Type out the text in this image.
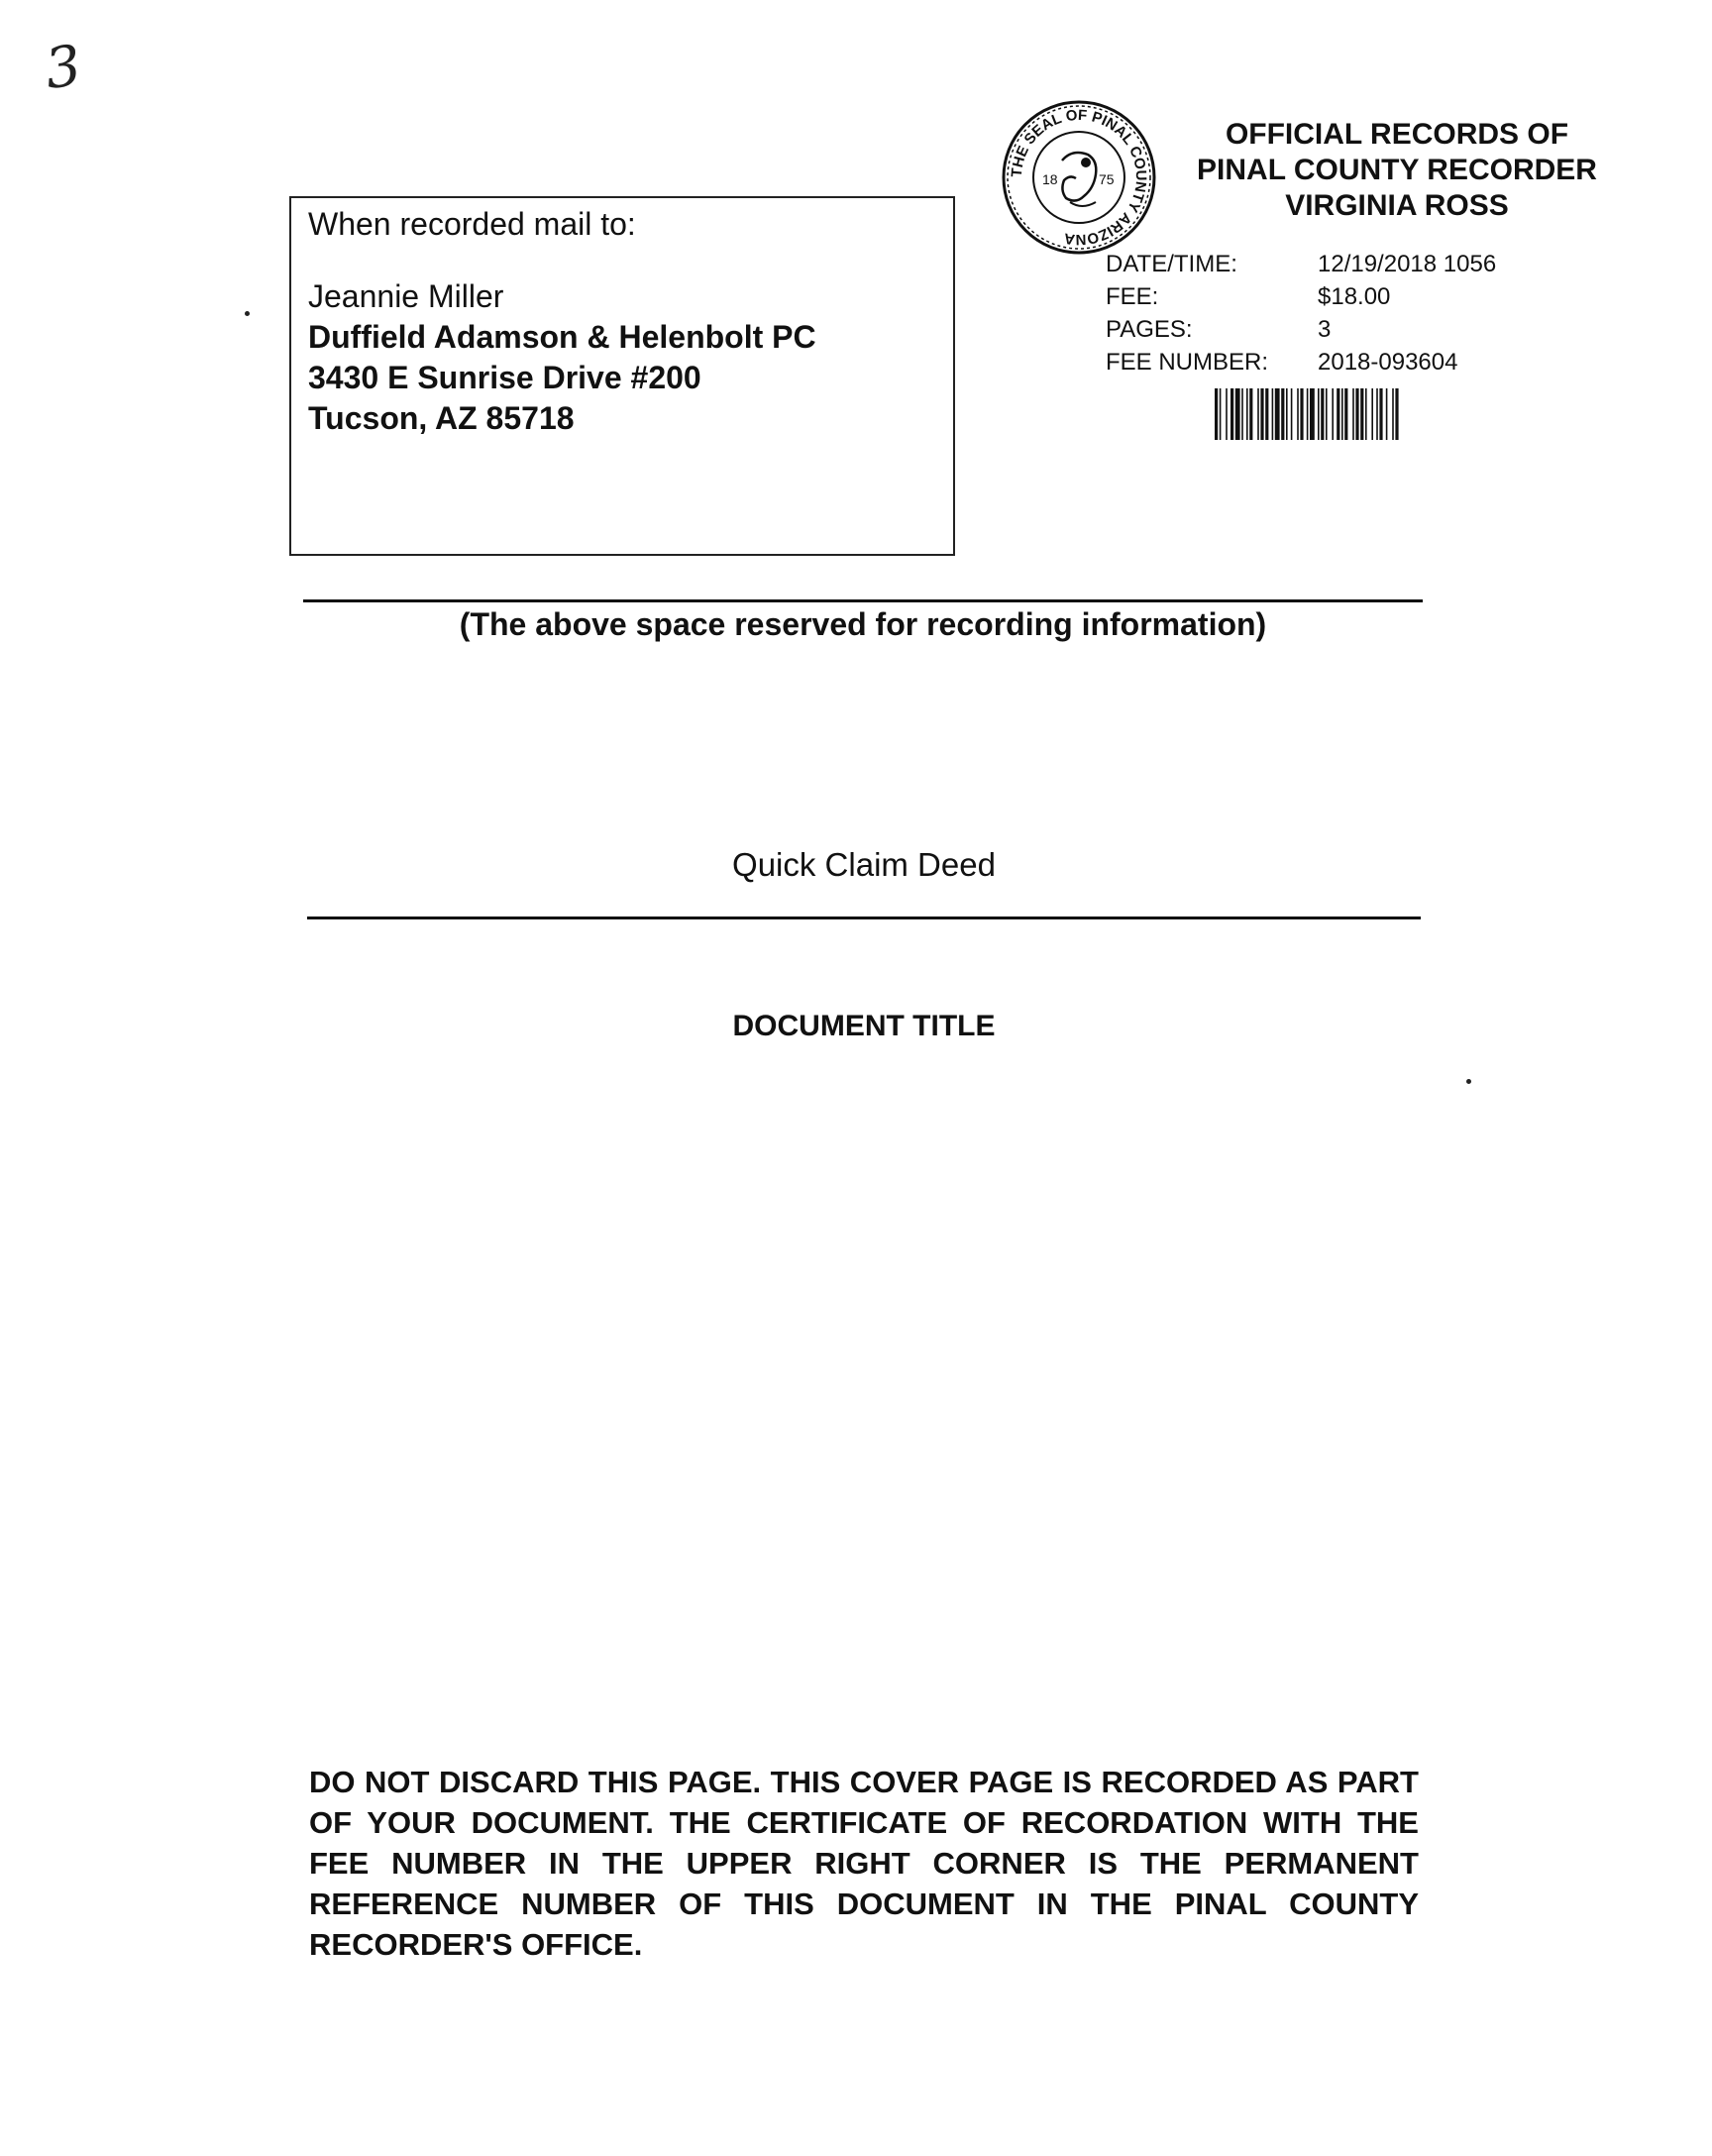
3
When recorded mail to:
Jeannie Miller
Duffield Adamson & Helenbolt PC
3430 E Sunrise Drive #200
Tucson, AZ 85718
THE SEAL OF PINAL COUNTY ARIZONA
18	75
OFFICIAL RECORDS OF
PINAL COUNTY RECORDER
VIRGINIA ROSS
DATE/TIME:	12/19/2018 1056
FEE:	$18.00
PAGES:	3
FEE NUMBER:	2018-093604
(The above space reserved for recording information)
Quick Claim Deed
DOCUMENT TITLE
DO NOT DISCARD THIS PAGE. THIS COVER PAGE IS RECORDED AS PART OF YOUR DOCUMENT. THE CERTIFICATE OF RECORDATION WITH THE FEE NUMBER IN THE UPPER RIGHT CORNER IS THE PERMANENT REFERENCE NUMBER OF THIS DOCUMENT IN THE PINAL COUNTY RECORDER'S OFFICE.
